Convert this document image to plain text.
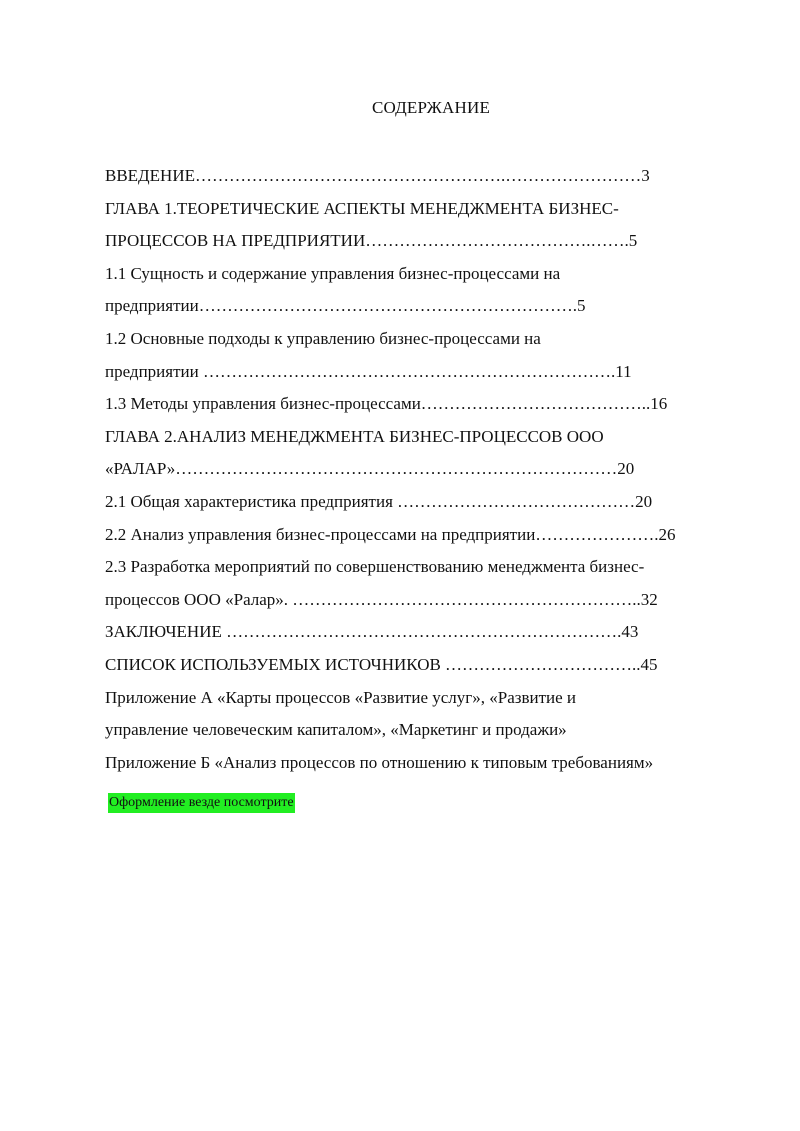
СОДЕРЖАНИЕ
ВВЕДЕНИЕ……………………………………………….……………………3
ГЛАВА 1.ТЕОРЕТИЧЕСКИЕ АСПЕКТЫ МЕНЕДЖМЕНТА БИЗНЕС-
ПРОЦЕССОВ НА ПРЕДПРИЯТИИ………………………………….…….5
1.1 Сущность и содержание управления бизнес-процессами на
предприятии………………………………………………………….5
1.2 Основные подходы к управлению бизнес-процессами на
предприятии ……………………………………………………………….11
1.3 Методы управления бизнес-процессами…………………………………..16
ГЛАВА 2.АНАЛИЗ МЕНЕДЖМЕНТА БИЗНЕС-ПРОЦЕССОВ ООО
«РАЛАР»……………………………………………………………………20
2.1 Общая характеристика предприятия ……………………………………20
2.2 Анализ управления бизнес-процессами на предприятии………………….26
2.3 Разработка мероприятий по совершенствованию менеджмента бизнес-
процессов ООО «Ралар». ……………………………………………………..32
ЗАКЛЮЧЕНИЕ …………………………………………………………….43
СПИСОК ИСПОЛЬЗУЕМЫХ ИСТОЧНИКОВ ……………………………..45
Приложение А «Карты процессов «Развитие услуг», «Развитие и
управление человеческим капиталом», «Маркетинг и продажи»
Приложение Б «Анализ процессов по отношению к типовым требованиям»
Оформление везде посмотрите
